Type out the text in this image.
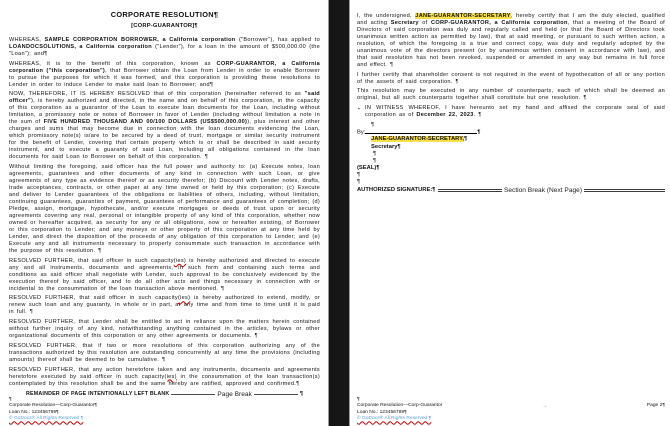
CORPORATE RESOLUTION¶
[CORP-GUARANTOR]¶

WHEREAS, SAMPLE CORPORATION BORROWER, a California corporation ("Borrower"), has applied to LOANDOCSOLUTIONS, a California corporation ("Lender"), for a loan in the amount of $500,000.00 (the "Loan"); and¶

WHEREAS, it is to the benefit of this corporation, known as CORP-GUARANTOR, a California corporation ("this corporation"), that Borrower obtain the Loan from Lender in order to enable Borrower to pursue the purposes for which it was formed, and this corporation is providing these resolutions to Lender in order to induce Lender to make said loan to Borrower; and¶

NOW, THEREFORE, IT IS HEREBY RESOLVED that of this corporation (hereinafter referred to as "said officer"), is hereby authorized and directed, in the name and on behalf of this corporation, in the capacity of this corporation as a guarantor of the Loan to execute loan documents for the Loan, including without limitation, a promissory note or notes of Borrower in favor of Lender (including without limitation a note in the sum of FIVE HUNDRED THOUSAND AND 00/100 DOLLARS (US$500,000.00)), plus interest and other charges and sums that may become due in connection with the loan documents evidencing the Loan, which promissory note(s) is/are to be secured by a deed of trust, mortgage or similar security instrument for the benefit of Lender, covering that certain property which is or shall be described in said security instrument, and to execute a guaranty of said Loan, including all obligations contained in the loan documents for said Loan to Borrower on behalf of this corporation. ¶

Without limiting the foregoing, said officer has the full power and authority to: (a) Execute notes, loan agreements, guarantees and other documents of any kind in connection with such Loan, or give agreements of any type as evidence thereof or as security therefor; (b) Discount with Lender notes, drafts, trade acceptances, contracts, or other paper at any time owned or held by this corporation; (c) Execute and deliver to Lender guarantees of the obligations or liabilities of others, including, without limitation, continuing guarantees, guaranties of payment, guarantees of performance and guarantees of completion; (d) Pledge, assign, mortgage, hypothecate, and/or execute mortgages or deeds of trust upon or security agreements covering any real, personal or intangible property of any kind of this corporation, whether now owned or hereafter acquired, as security for any or all obligations, now or hereafter existing, of Borrower or this corporation to Lender; and any moneys or other property of this corporation at any time held by Lender, and direct the disposition of the proceeds of any obligation of this corporation to Lender; and (e) Execute any and all instruments necessary to properly consummate such transaction in accordance with the purpose of this resolution. ¶

RESOLVED FURTHER, that said officer in such capacity(ies) is hereby authorized and directed to execute any and all instruments, documents and agreements, in such form and containing such terms and conditions as said officer shall negotiate with Lender, such approval to be conclusively evidenced by the execution thereof by said officer, and to do all other acts and things necessary in connection with or incidental to the consummation of the loan transaction above mentioned. ¶

RESOLVED FURTHER, that said officer in such capacity(ies) is hereby authorized to extend, modify, or renew such loan and any guaranty, in whole or in part, at any time and from time to time until it is paid in full. ¶

RESOLVED FURTHER, that Lender shall be entitled to act in reliance upon the matters herein contained without further inquiry of any kind, notwithstanding anything contained in the articles, bylaws or other organizational documents of this corporation or any other agreements or documents. ¶

RESOLVED FURTHER, that if two or more resolutions of this corporation authorizing any of the transactions authorized by this resolution are outstanding concurrently at any time the provisions (including amounts) thereof shall be deemed to be cumulative. ¶

RESOLVED FURTHER, that any action heretofore taken and any instruments, documents and agreements heretofore executed by said officer in such capacity(ies) in the consummation of the loan transaction(s) contemplated by this resolution shall be and the same hereby are ratified, approved and confirmed.¶

REMAINDER OF PAGE INTENTIONALLY LEFT BLANK	Page Break	¶
¶
Corporate Resolution—Corp-Guarantor¶
Loan No.: 123456789¶
© GoDocs® All Rights Reserved ¶

I, the undersigned, JANE-GUARANTOR-SECRETARY, hereby certify that I am the duly elected, qualified and acting Secretary of CORP-GUARANTOR, a California corporation, that a meeting of the Board of Directors of said corporation was duly and regularly called and held (or that the Board of Directors took unanimous written action as permitted by law), that at said meeting, or pursuant to such written action, a resolution, of which the foregoing is a true and correct copy, was duly and regularly adopted by the unanimous vote of the directors present (or by unanimous written consent in accordance with law), and that said resolution has not been revoked, suspended or amended in any way but remains in full force and effect. ¶

I further certify that shareholder consent is not required in the event of hypothecation of all or any portion of the assets of said corporation. ¶

This resolution may be executed in any number of counterparts, each of which shall be deemed an original, but all such counterparts together shall constitute but one resolution. ¶

▪ IN WITNESS WHEREOF, I have hereunto set my hand and affixed the corporate seal of said corporation as of December 22, 2023. ¶

¶

By:	¶

JANE-GUARANTOR-SECRETARY,¶

Secretary¶

¶

¶

(SEAL)¶

¶

¶

AUTHORIZED SIGNATURE:¶	Section Break (Next Page)
¶
Corporate Resolution—Corp-Guarantor	→	Page 2¶
Loan No.: 123456789¶
© GoDocs® All Rights Reserved ¶
